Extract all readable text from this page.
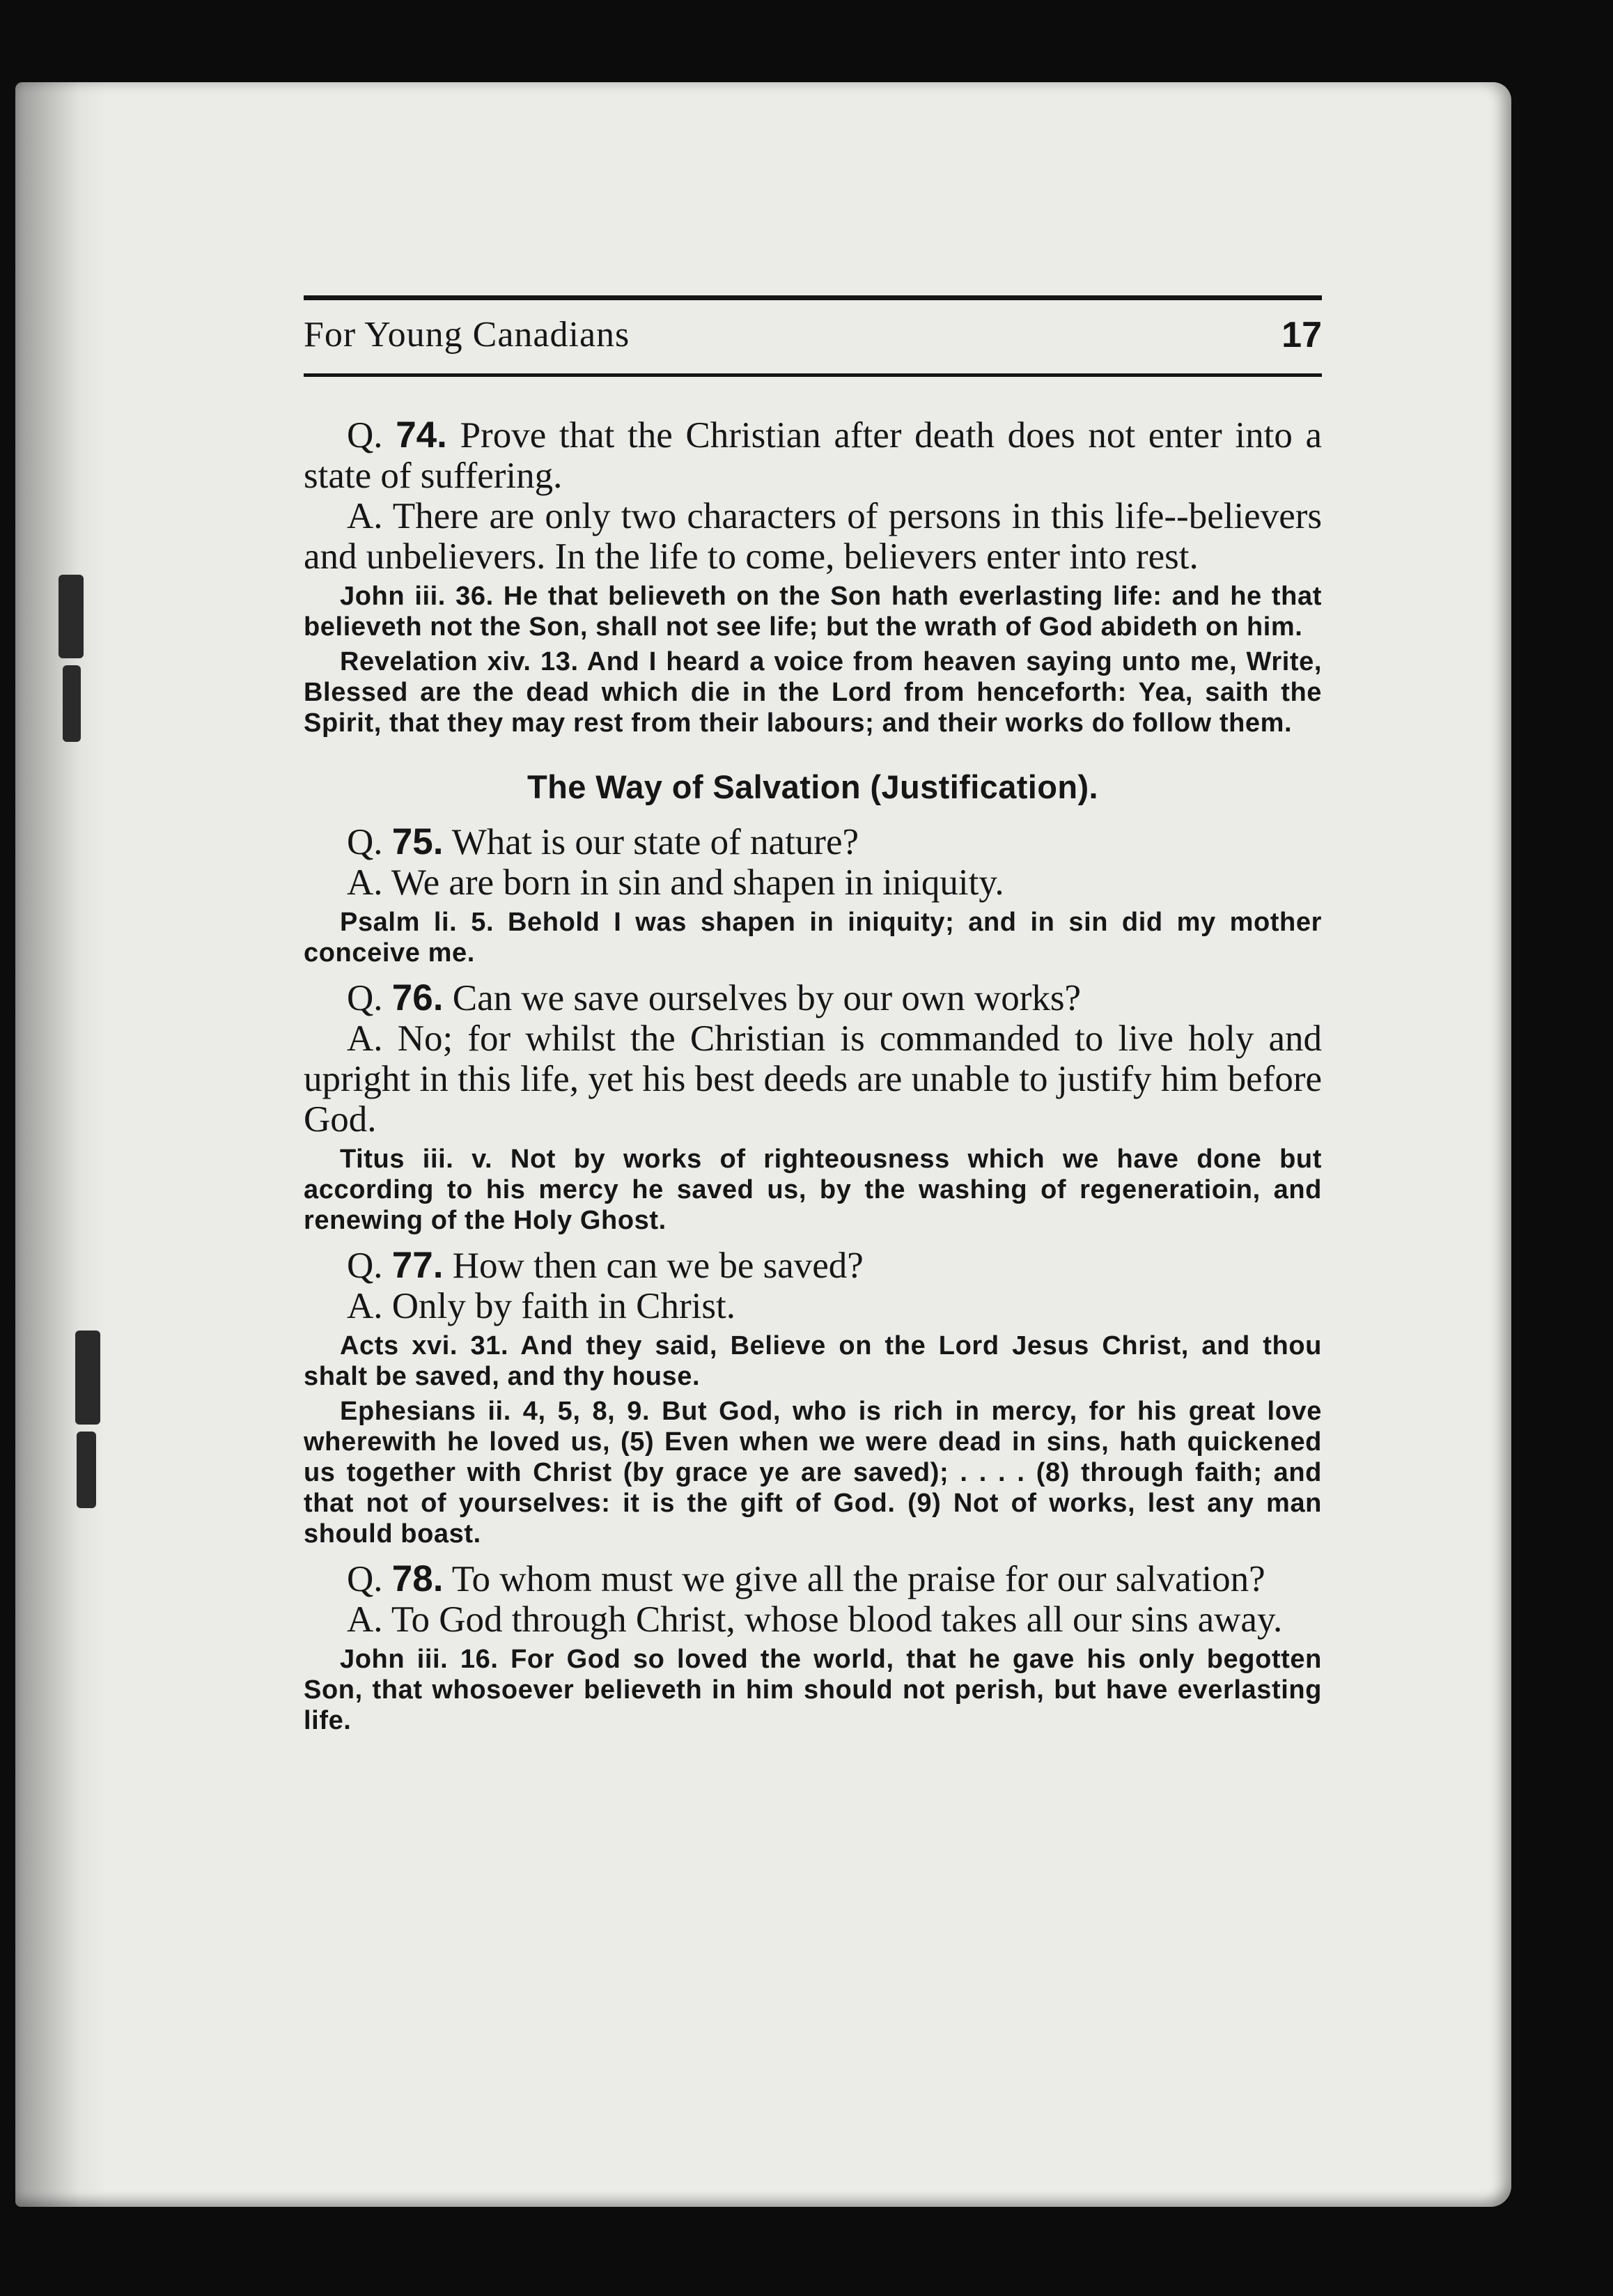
For Young Canadians	17

Q. 74. Prove that the Christian after death does not enter into a state of suffering.

A. There are only two characters of persons in this life--believers and unbelievers. In the life to come, believers enter into rest.

John iii. 36. He that believeth on the Son hath everlasting life: and he that believeth not the Son, shall not see life; but the wrath of God abideth on him.

Revelation xiv. 13. And I heard a voice from heaven saying unto me, Write, Blessed are the dead which die in the Lord from henceforth: Yea, saith the Spirit, that they may rest from their labours; and their works do follow them.

The Way of Salvation (Justification).

Q. 75. What is our state of nature?

A. We are born in sin and shapen in iniquity.

Psalm li. 5. Behold I was shapen in iniquity; and in sin did my mother conceive me.

Q. 76. Can we save ourselves by our own works?

A. No; for whilst the Christian is commanded to live holy and upright in this life, yet his best deeds are unable to justify him before God.

Titus iii. v. Not by works of righteousness which we have done but according to his mercy he saved us, by the washing of regeneratioin, and renewing of the Holy Ghost.

Q. 77. How then can we be saved?

A. Only by faith in Christ.

Acts xvi. 31. And they said, Believe on the Lord Jesus Christ, and thou shalt be saved, and thy house.

Ephesians ii. 4, 5, 8, 9. But God, who is rich in mercy, for his great love wherewith he loved us, (5) Even when we were dead in sins, hath quickened us together with Christ (by grace ye are saved); . . . . (8) through faith; and that not of yourselves: it is the gift of God. (9) Not of works, lest any man should boast.

Q. 78. To whom must we give all the praise for our salvation?

A. To God through Christ, whose blood takes all our sins away.

John iii. 16. For God so loved the world, that he gave his only begotten Son, that whosoever believeth in him should not perish, but have everlasting life.
